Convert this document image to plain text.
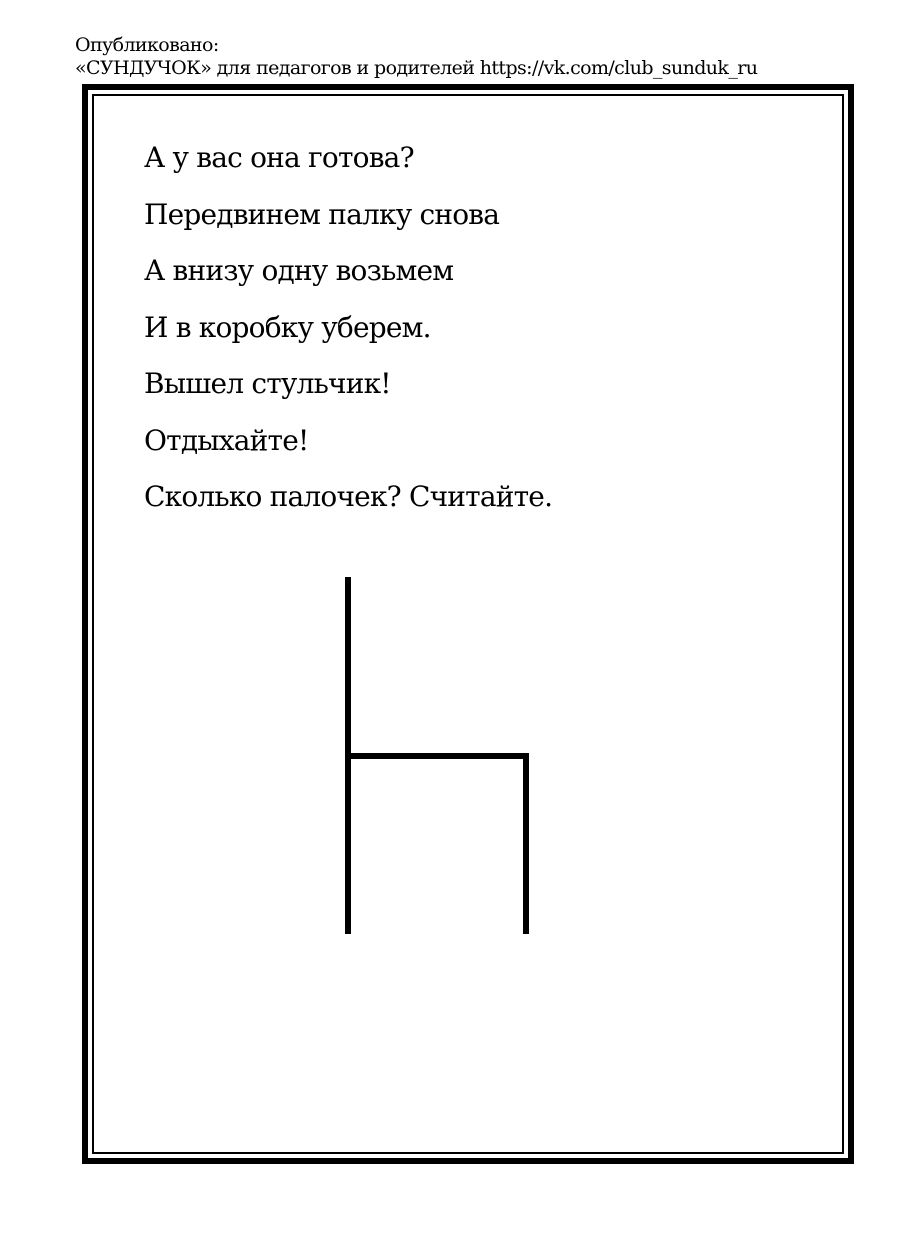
Опубликовано:
«СУНДУЧОК» для педагогов и родителей https://vk.com/club_sunduk_ru
А у вас она готова?
Передвинем палку снова
А внизу одну возьмем
И в коробку уберем.
Вышел стульчик!
Отдыхайте!
Сколько палочек? Считайте.
